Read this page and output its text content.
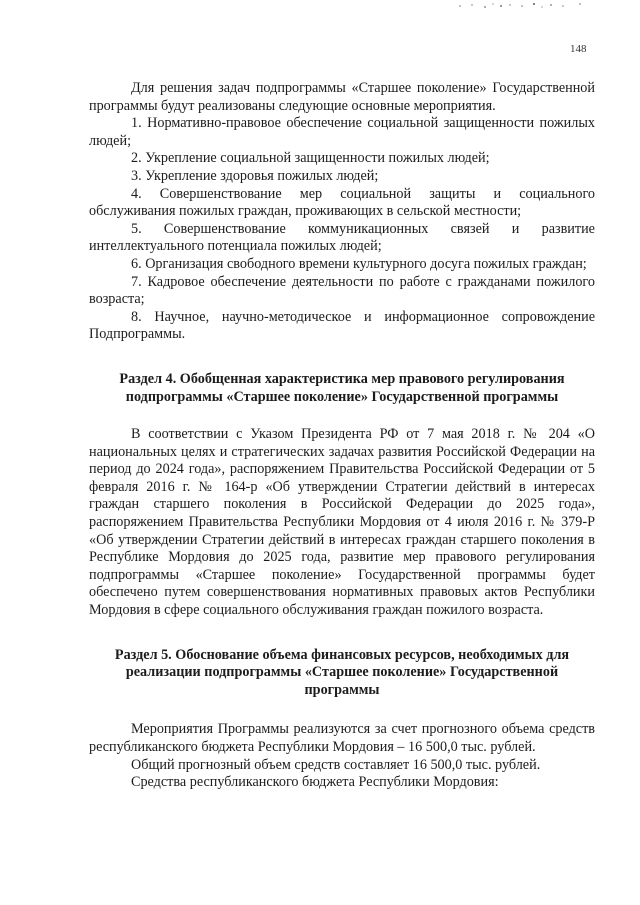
148

Для решения задач подпрограммы «Старшее поколение» Государственной программы будут реализованы следующие основные мероприятия.

1. Нормативно-правовое обеспечение социальной защищенности пожилых людей;

2. Укрепление социальной защищенности пожилых людей;

3. Укрепление здоровья пожилых людей;

4. Совершенствование мер социальной защиты и социального обслуживания пожилых граждан, проживающих в сельской местности;

5. Совершенствование коммуникационных связей и развитие интеллектуального потенциала пожилых людей;

6. Организация свободного времени культурного досуга пожилых граждан;

7. Кадровое обеспечение деятельности по работе с гражданами пожилого возраста;

8. Научное, научно-методическое и информационное сопровождение Подпрограммы.

Раздел 4. Обобщенная характеристика мер правового регулирования подпрограммы «Старшее поколение» Государственной программы

В соответствии с Указом Президента РФ от 7 мая 2018 г. № 204 «О национальных целях и стратегических задачах развития Российской Федерации на период до 2024 года», распоряжением Правительства Российской Федерации от 5 февраля 2016 г. № 164-р «Об утверждении Стратегии действий в интересах граждан старшего поколения в Российской Федерации до 2025 года», распоряжением Правительства Республики Мордовия от 4 июля 2016 г. № 379-Р «Об утверждении Стратегии действий в интересах граждан старшего поколения в Республике Мордовия до 2025 года, развитие мер правового регулирования подпрограммы «Старшее поколение» Государственной программы будет обеспечено путем совершенствования нормативных правовых актов Республики Мордовия в сфере социального обслуживания граждан пожилого возраста.

Раздел 5. Обоснование объема финансовых ресурсов, необходимых для реализации подпрограммы «Старшее поколение» Государственной программы

Мероприятия Программы реализуются за счет прогнозного объема средств республиканского бюджета Республики Мордовия – 16 500,0 тыс. рублей.

Общий прогнозный объем средств составляет 16 500,0 тыс. рублей.

Средства республиканского бюджета Республики Мордовия:
